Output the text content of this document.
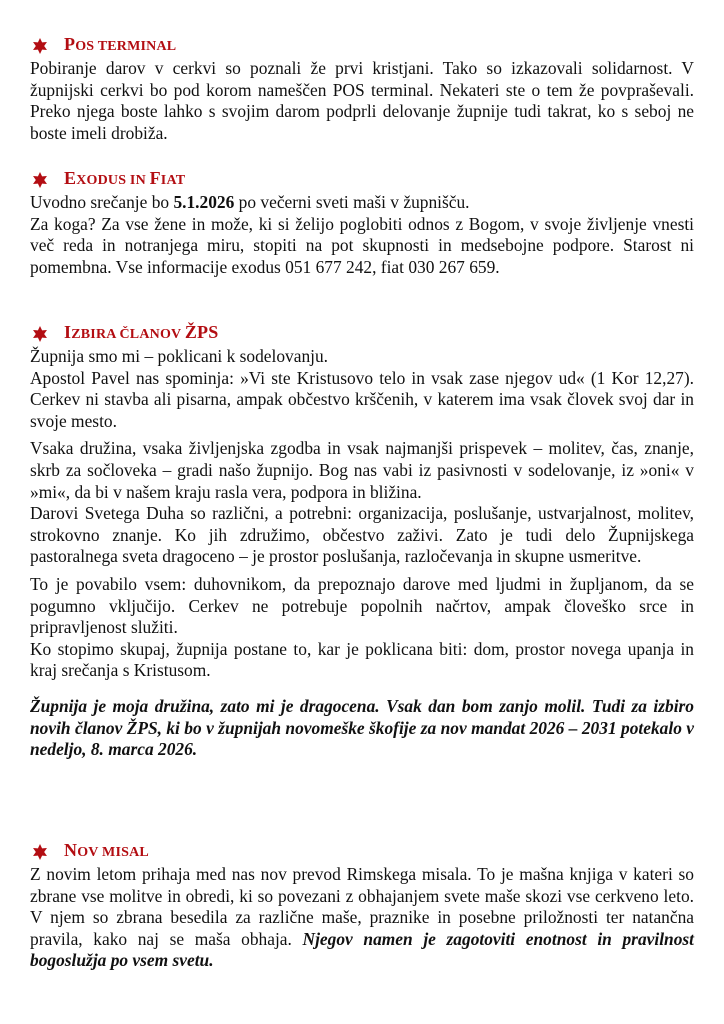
POS TERMINAL

Pobiranje darov v cerkvi so poznali že prvi kristjani. Tako so izkazovali solidarnost. V župnijski cerkvi bo pod korom nameščen POS terminal. Nekateri ste o tem že povpraševali. Preko njega boste lahko s svojim darom podprli delovanje župnije tudi takrat, ko s seboj ne boste imeli drobiža.

EXODUS IN FIAT

Uvodno srečanje bo 5.1.2026 po večerni sveti maši v župnišču.

Za koga? Za vse žene in može, ki si želijo poglobiti odnos z Bogom, v svoje življenje vnesti več reda in notranjega miru, stopiti na pot skupnosti in medsebojne podpore. Starost ni pomembna. Vse informacije exodus 051 677 242, fiat 030 267 659.

IZBIRA ČLANOV ŽPS

Župnija smo mi – poklicani k sodelovanju.

Apostol Pavel nas spominja: »Vi ste Kristusovo telo in vsak zase njegov ud« (1 Kor 12,27). Cerkev ni stavba ali pisarna, ampak občestvo krščenih, v katerem ima vsak človek svoj dar in svoje mesto.

Vsaka družina, vsaka življenjska zgodba in vsak najmanjši prispevek – molitev, čas, znanje, skrb za sočloveka – gradi našo župnijo. Bog nas vabi iz pasivnosti v sodelovanje, iz »oni« v »mi«, da bi v našem kraju rasla vera, podpora in bližina.

Darovi Svetega Duha so različni, a potrebni: organizacija, poslušanje, ustvarjalnost, molitev, strokovno znanje. Ko jih združimo, občestvo zaživi. Zato je tudi delo Župnijskega pastoralnega sveta dragoceno – je prostor poslušanja, razločevanja in skupne usmeritve.

To je povabilo vsem: duhovnikom, da prepoznajo darove med ljudmi in župljanom, da se pogumno vključijo. Cerkev ne potrebuje popolnih načrtov, ampak človeško srce in pripravljenost služiti.

Ko stopimo skupaj, župnija postane to, kar je poklicana biti: dom, prostor novega upanja in kraj srečanja s Kristusom.

Župnija je moja družina, zato mi je dragocena. Vsak dan bom zanjo molil. Tudi za izbiro novih članov ŽPS, ki bo v župnijah novomeške škofije za nov mandat 2026 – 2031 potekalo v nedeljo, 8. marca 2026.

NOV MISAL

Z novim letom prihaja med nas nov prevod Rimskega misala. To je mašna knjiga v kateri so zbrane vse molitve in obredi, ki so povezani z obhajanjem svete maše skozi vse cerkveno leto. V njem so zbrana besedila za različne maše, praznike in posebne priložnosti ter natančna pravila, kako naj se maša obhaja. Njegov namen je zagotoviti enotnost in pravilnost bogoslužja po vsem svetu.
